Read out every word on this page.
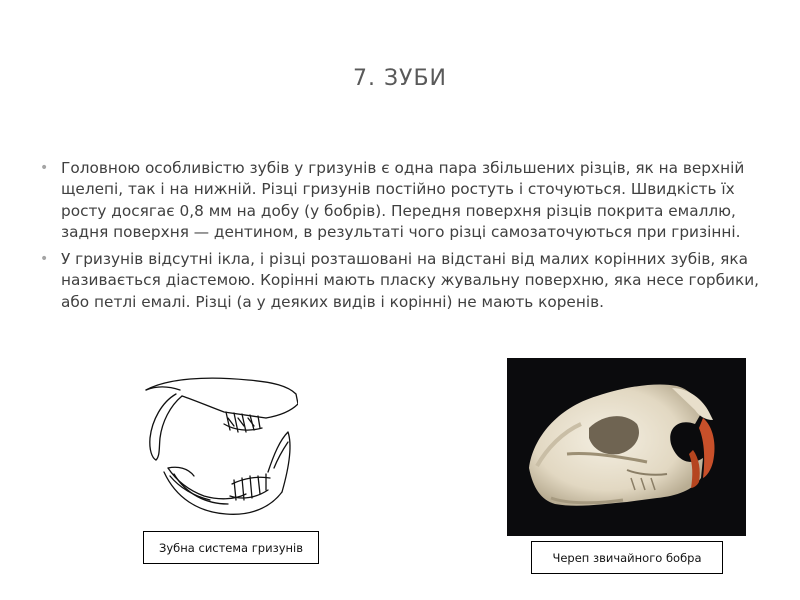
7. ЗУБИ
• Головною особливістю зубів у гризунів є одна пара збільшених різців, як на верхній щелепі, так і на нижній. Різці гризунів постійно ростуть і сточуються. Швидкість їх росту досягає 0,8 мм на добу (у бобрів). Передня поверхня різців покрита емаллю, задня поверхня — дентином, в результаті чого різці самозаточуються при гризінні.
• У гризунів відсутні ікла, і різці розташовані на відстані від малих корінних зубів, яка називається діастемою. Корінні мають пласку жувальну поверхню, яка несе горбики, або петлі емалі. Різці (а у деяких видів і корінні) не мають коренів.
Зубна система гризунів
Череп звичайного бобра
